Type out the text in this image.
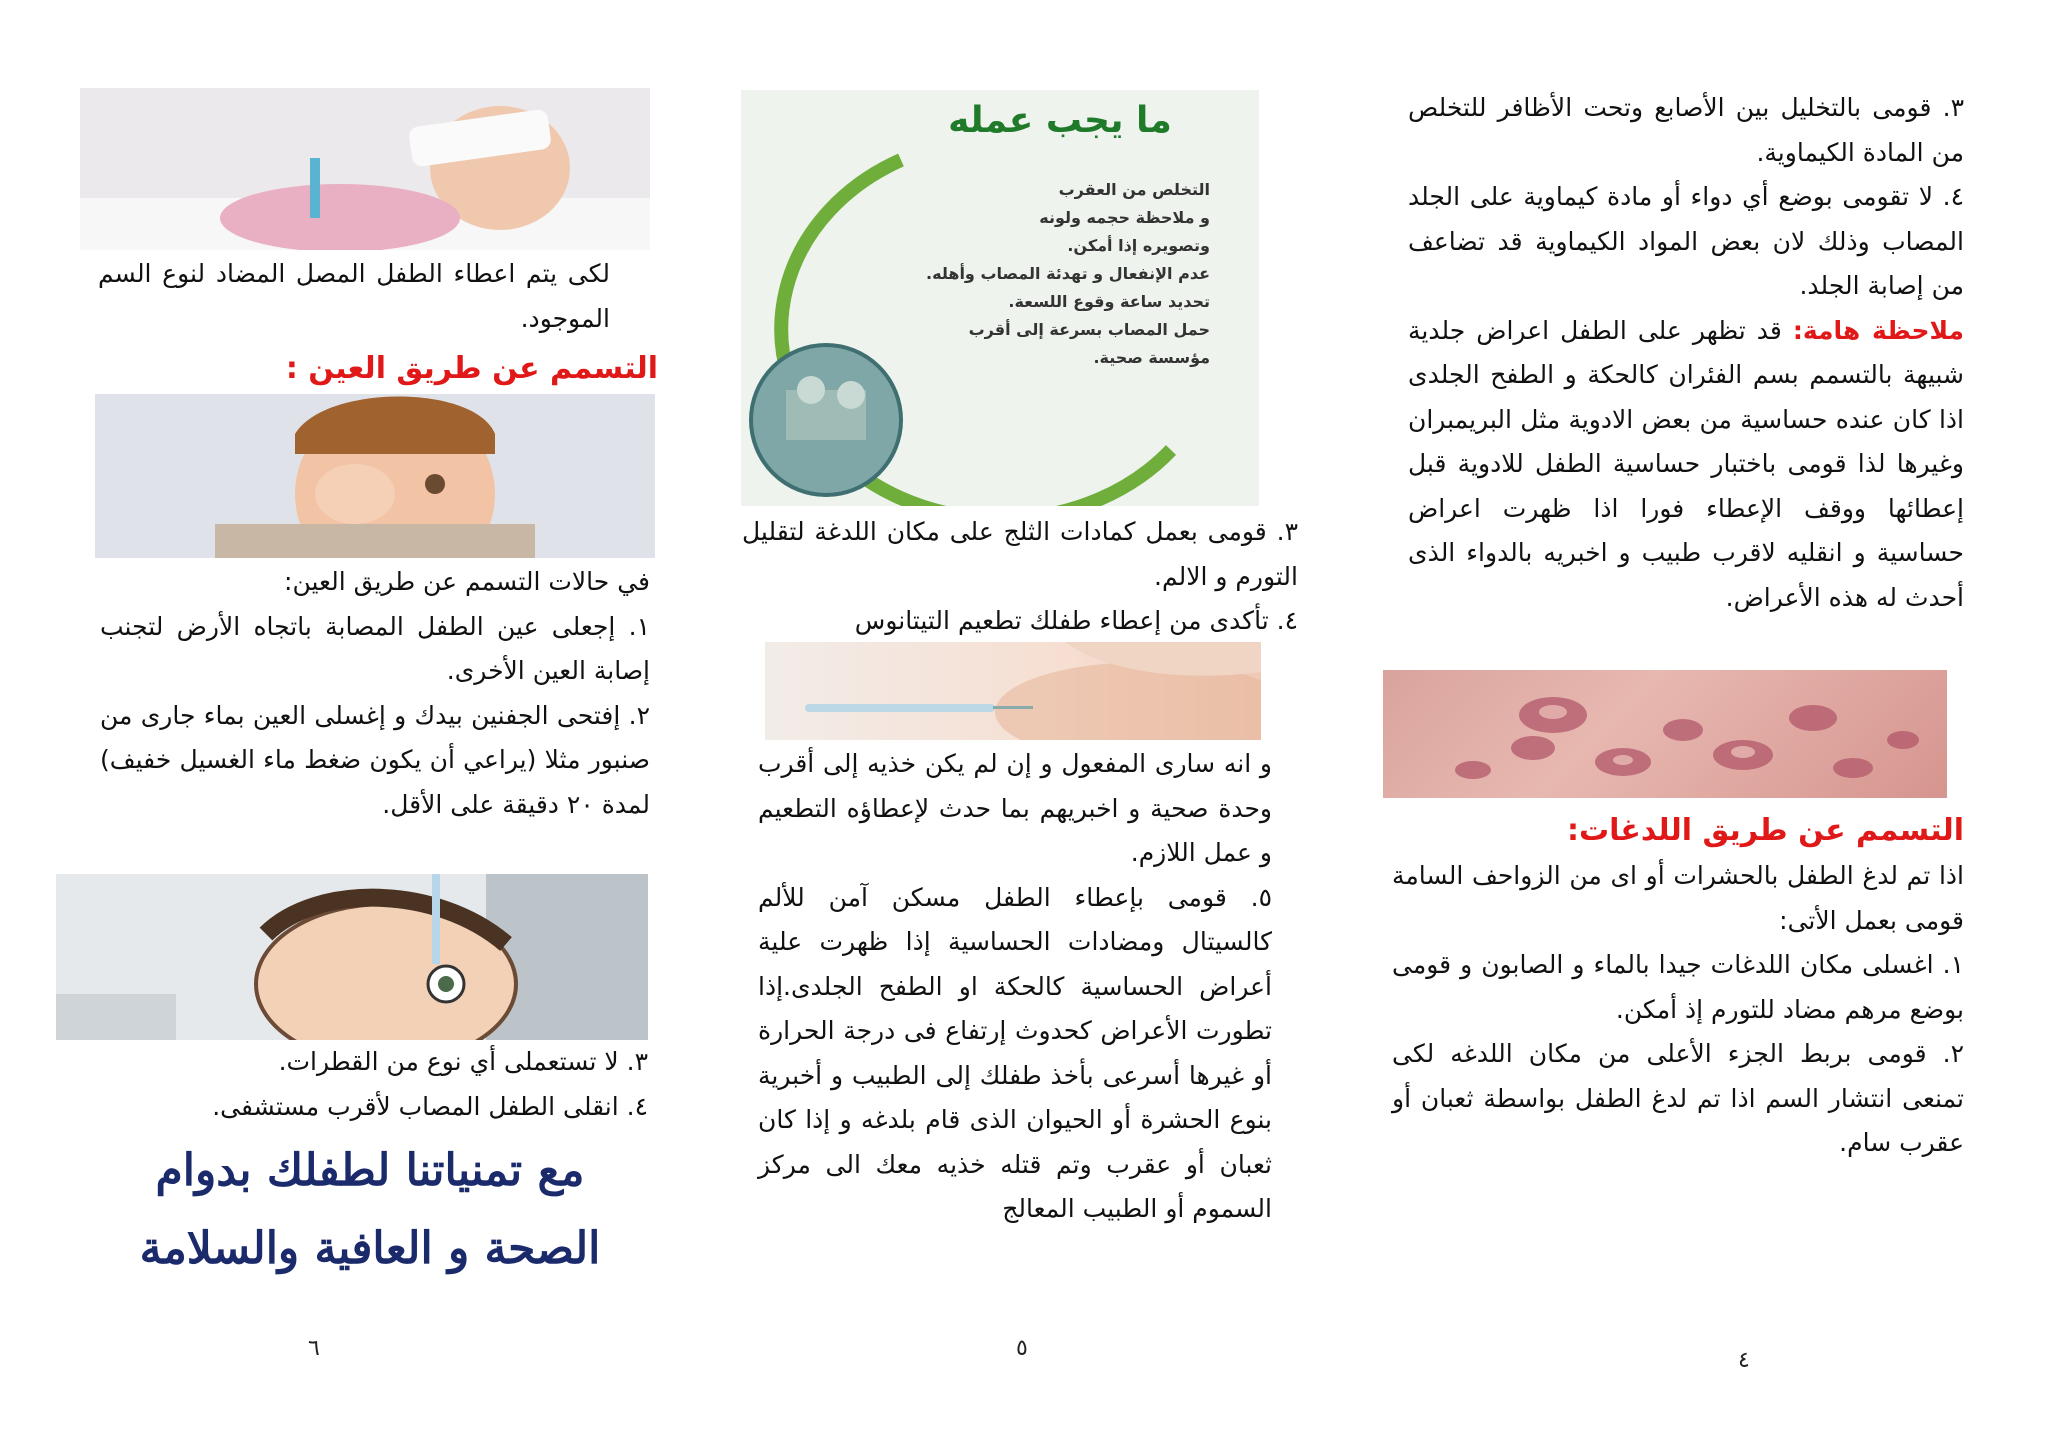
٣. قومى بالتخليل بين الأصابع وتحت الأظافر للتخلص من المادة الكيماوية.

٤. لا تقومى بوضع أي دواء أو مادة كيماوية على الجلد المصاب وذلك لان بعض المواد الكيماوية قد تضاعف من إصابة الجلد.

ملاحظة هامة: قد تظهر على الطفل اعراض جلدية شبيهة بالتسمم بسم الفئران كالحكة و الطفح الجلدى اذا كان عنده حساسية من بعض الادوية مثل البريمبران وغيرها لذا قومى باختبار حساسية الطفل للادوية قبل إعطائها ووقف الإعطاء فورا اذا ظهرت اعراض حساسية و انقليه لاقرب طبيب و اخبريه بالدواء الذى أحدث له هذه الأعراض.

التسمم عن طريق اللدغات:

اذا تم لدغ الطفل بالحشرات أو اى من الزواحف السامة قومى بعمل الأتى:

١. اغسلى مكان اللدغات جيدا بالماء و الصابون و قومى بوضع مرهم مضاد للتورم إذ أمكن.

٢. قومى بربط الجزء الأعلى من مكان اللدغه لكى تمنعى انتشار السم اذا تم لدغ الطفل بواسطة ثعبان أو عقرب سام.

٤
ما يجب عمله
التخلص من العقرب
و ملاحظة حجمه ولونه
وتصويره إذا أمكن.
عدم الإنفعال و تهدئة المصاب وأهله.
تحديد ساعة وقوع اللسعة.
حمل المصاب بسرعة إلى أقرب
مؤسسة صحية.

٣. قومى بعمل كمادات الثلج على مكان اللدغة لتقليل التورم و الالم.

٤. تأكدى من إعطاء طفلك تطعيم التيتانوس

و انه سارى المفعول و إن لم يكن خذيه إلى أقرب وحدة صحية و اخبريهم بما حدث لإعطاؤه التطعيم و عمل اللازم.

٥. قومى بإعطاء الطفل مسكن آمن للألم كالسيتال ومضادات الحساسية إذا ظهرت علية أعراض الحساسية كالحكة او الطفح الجلدى.إذا تطورت الأعراض كحدوث إرتفاع فى درجة الحرارة أو غيرها أسرعى بأخذ طفلك إلى الطبيب و أخبرية بنوع الحشرة أو الحيوان الذى قام بلدغه و إذا كان ثعبان أو عقرب وتم قتله خذيه معك الى مركز السموم أو الطبيب المعالج

٥

لكى يتم اعطاء الطفل المصل المضاد لنوع السم الموجود.

التسمم عن طريق العين :

في حالات التسمم عن طريق العين:

١. إجعلى عين الطفل المصابة باتجاه الأرض لتجنب إصابة العين الأخرى.

٢. إفتحى الجفنين بيدك و إغسلى العين بماء جارى من صنبور مثلا (يراعي أن يكون ضغط ماء الغسيل خفيف) لمدة ٢٠ دقيقة على الأقل.

٣. لا تستعملى أي نوع من القطرات.

٤. انقلى الطفل المصاب لأقرب مستشفى.

مع تمنياتنا لطفلك بدوام الصحة و العافية والسلامة
٦
